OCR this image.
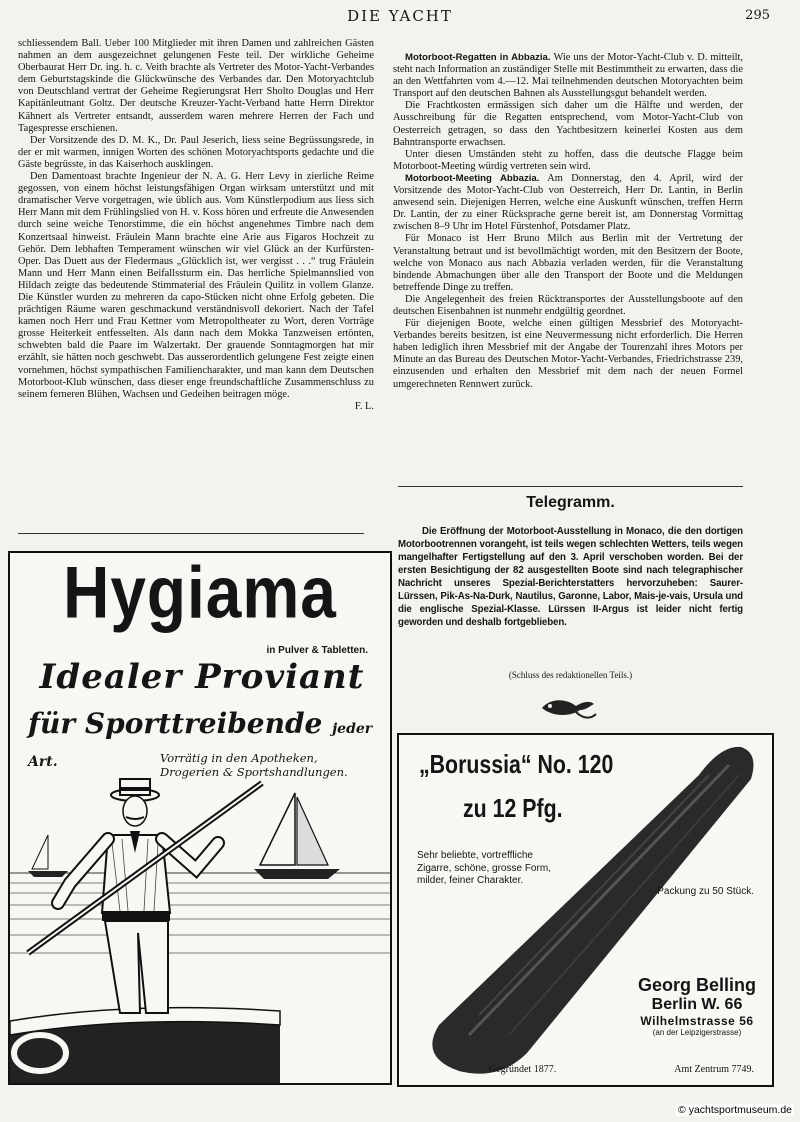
DIE YACHT	295

schliessendem Ball. Ueber 100 Mitglieder mit ihren Damen und zahlreichen Gästen nahmen an dem ausgezeichnet gelungenen Feste teil. Der wirkliche Geheime Oberbaurat Herr Dr. ing. h. c. Veith brachte als Vertreter des Motor-Yacht-Verbandes dem Geburtstagskinde die Glückwünsche des Verbandes dar. Den Motoryachtclub von Deutschland vertrat der Geheime Regierungsrat Herr Sholto Douglas und Herr Kapitänleutnant Goltz. Der deutsche Kreuzer-Yacht-Verband hatte Herrn Direktor Kähnert als Vertreter entsandt, ausserdem waren mehrere Herren der Fach und Tagespresse erschienen.

Der Vorsitzende des D. M. K., Dr. Paul Jeserich, liess seine Begrüssungsrede, in der er mit warmen, innigen Worten des schönen Motoryachtsports gedachte und die Gäste begrüsste, in das Kaiserhoch ausklingen.

Den Damentoast brachte Ingenieur der N. A. G. Herr Levy in zierliche Reime gegossen, von einem höchst leistungsfähigen Organ wirksam unterstützt und mit dramatischer Verve vorgetragen, wie üblich aus. Vom Künstlerpodium aus liess sich Herr Mann mit dem Frühlingslied von H. v. Koss hören und erfreute die Anwesenden durch seine weiche Tenorstimme, die ein höchst angenehmes Timbre nach dem Konzertsaal hinweist. Fräulein Mann brachte eine Arie aus Figaros Hochzeit zu Gehör. Dem lebhaften Temperament wünschen wir viel Glück an der Kurfürsten-Oper. Das Duett aus der Fledermaus „Glücklich ist, wer vergisst . . .“ trug Fräulein Mann und Herr Mann einen Beifallssturm ein. Das herrliche Spielmannslied von Hildach zeigte das bedeutende Stimmaterial des Fräulein Quilitz in vollem Glanze. Die Künstler wurden zu mehreren da capo-Stücken nicht ohne Erfolg gebeten. Die prächtigen Räume waren geschmackund verständnisvoll dekoriert. Nach der Tafel kamen noch Herr und Frau Kettner vom Metropoltheater zu Wort, deren Vorträge grosse Heiterkeit entfesselten. Als dann nach dem Mokka Tanzweisen ertönten, schwebten bald die Paare im Walzertakt. Der grauende Sonntagmorgen hat mir erzählt, sie hätten noch geschwebt. Das ausserordentlich gelungene Fest zeigte einen vornehmen, höchst sympathischen Familiencharakter, und man kann dem Deutschen Motorboot-Klub wünschen, dass dieser enge freundschaftliche Zusammenschluss zu seinem ferneren Blühen, Wachsen und Gedeihen beitragen möge.

F. L.

Motorboot-Regatten in Abbazia. Wie uns der Motor-Yacht-Club v. D. mitteilt, steht nach Information an zuständiger Stelle mit Bestimmtheit zu erwarten, dass die an den Wettfahrten vom 4.—12. Mai teilnehmenden deutschen Motoryachten beim Transport auf den deutschen Bahnen als Ausstellungsgut behandelt werden.

Die Frachtkosten ermässigen sich daher um die Hälfte und werden, der Ausschreibung für die Regatten entsprechend, vom Motor-Yacht-Club von Oesterreich getragen, so dass den Yachtbesitzern keinerlei Kosten aus dem Bahntransporte erwachsen.

Unter diesen Umständen steht zu hoffen, dass die deutsche Flagge beim Motorboot-Meeting würdig vertreten sein wird.

Motorboot-Meeting Abbazia. Am Donnerstag, den 4. April, wird der Vorsitzende des Motor-Yacht-Club von Oesterreich, Herr Dr. Lantin, in Berlin anwesend sein. Diejenigen Herren, welche eine Auskunft wünschen, treffen Herrn Dr. Lantin, der zu einer Rücksprache gerne bereit ist, am Donnerstag Vormittag zwischen 8–9 Uhr im Hotel Fürstenhof, Potsdamer Platz.

Für Monaco ist Herr Bruno Milch aus Berlin mit der Vertretung der Veranstaltung betraut und ist bevollmächtigt worden, mit den Besitzern der Boote, welche von Monaco aus nach Abbazia verladen werden, für die Veranstaltung bindende Abmachungen über alle den Transport der Boote und die Meldungen betreffende Dinge zu treffen.

Die Angelegenheit des freien Rücktransportes der Ausstellungsboote auf den deutschen Eisenbahnen ist nunmehr endgültig geordnet.

Für diejenigen Boote, welche einen gültigen Messbrief des Motoryacht-Verbandes bereits besitzen, ist eine Neuvermessung nicht erforderlich. Die Herren haben lediglich ihren Messbrief mit der Angabe der Tourenzahl ihres Motors per Minute an das Bureau des Deutschen Motor-Yacht-Verbandes, Friedrichstrasse 239, einzusenden und erhalten den Messbrief mit dem nach der neuen Formel umgerechneten Rennwert zurück.

Telegramm.

Die Eröffnung der Motorboot-Ausstellung in Monaco, die den dortigen Motorbootrennen vorangeht, ist teils wegen schlechten Wetters, teils wegen mangelhafter Fertigstellung auf den 3. April verschoben worden. Bei der ersten Besichtigung der 82 ausgestellten Boote sind nach telegraphischer Nachricht unseres Spezial-Berichterstatters hervorzuheben: Saurer-Lürssen, Pik-As-Na-Durk, Nautilus, Garonne, Labor, Mais-je-vais, Ursula und die englische Spezial-Klasse. Lürssen II-Argus ist leider nicht fertig geworden und deshalb fortgeblieben.

(Schluss des redaktionellen Teils.)
Hygiama
in Pulver & Tabletten.
Idealer Proviant
für Sporttreibende jeder Art.	Vorrätig in den Apotheken, Drogerien & Sportshandlungen.	„Borussia“ No. 120
zu 12 Pfg.
Sehr beliebte, vortreffliche Zigarre, schöne, grosse Form, milder, feiner Charakter.
Packung zu 50 Stück.
Georg Belling
Berlin W. 66
Wilhelmstrasse 56
(an der Leipzigerstrasse)
Gegründet 1877.	Amt Zentrum 7749.
© yachtsportmuseum.de
